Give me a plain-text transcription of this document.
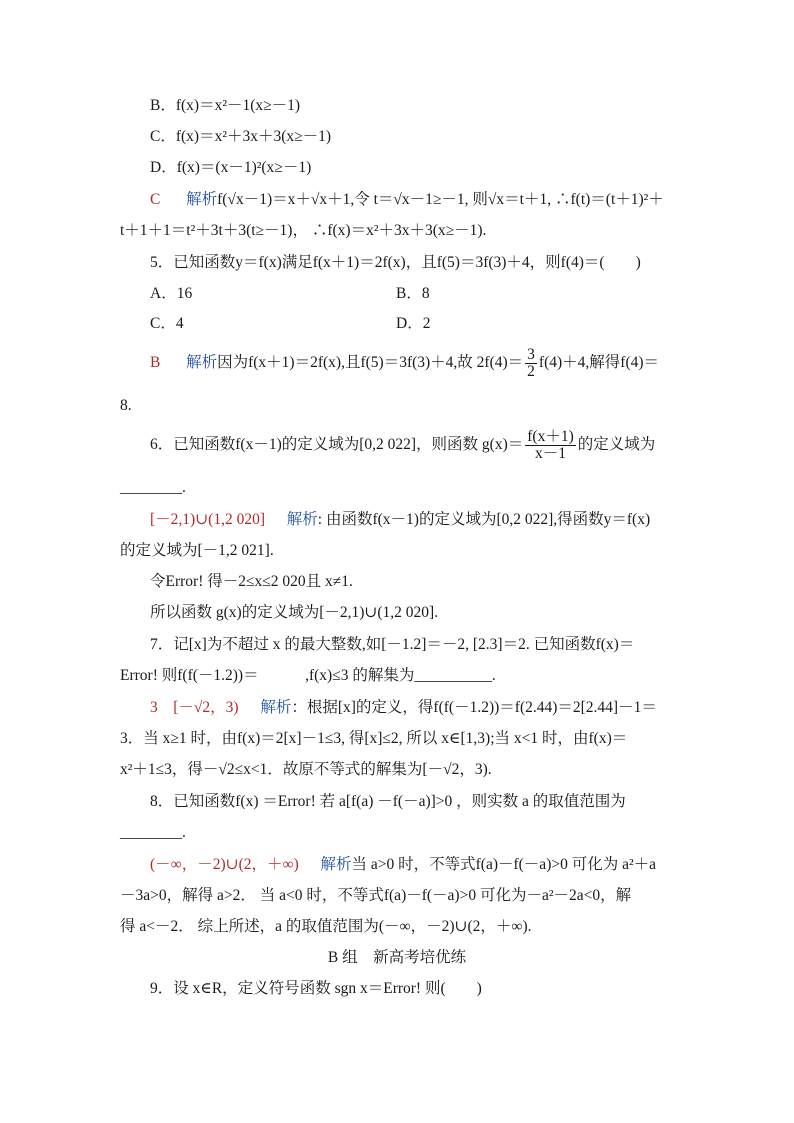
B．f(x)＝x²－1(x≥－1)
C．f(x)＝x²＋3x＋3(x≥－1)
D．f(x)＝(x－1)²(x≥－1)
C 解析f(√x－1)＝x＋√x＋1,令 t＝√x－1≥－1, 则√x＝t＋1, ∴f(t)＝(t＋1)²＋
t＋1＋1＝t²＋3t＋3(t≥－1)， ∴f(x)＝x²＋3x＋3(x≥－1).
5．已知函数y＝f(x)满足f(x＋1)＝2f(x)，且f(5)＝3f(3)＋4，则f(4)＝(　　)
A．16	B．8
C．4	D．2
B 解析因为f(x＋1)＝2f(x),且f(5)＝3f(3)＋4,故 $2f(4)= \frac{3}{2} f(4)+4$,解得f(4)＝
8.
6．已知函数f(x－1)的定义域为[0,2 022]，则函数 $g(x)= \frac{f(x+1)}{x-1}$ 的定义域为
________.
[－2,1)∪(1,2 020] 解析: 由函数f(x－1)的定义域为[0,2 022],得函数y＝f(x)
的定义域为[－1,2 021].
令Error! 得－2≤x≤2 020且 x≠1.
所以函数 g(x)的定义域为[－2,1)∪(1,2 020].
7．记[x]为不超过 x 的最大整数,如[－1.2]＝－2, [2.3]＝2. 已知函数f(x)＝
Error! 则f(f(－1.2))＝　　　,f(x)≤3 的解集为__________.
3　[－√2，3) 解析：根据[x]的定义，得f(f(－1.2))＝f(2.44)＝2[2.44]－1＝
3．当 x≥1 时，由f(x)＝2[x]－1≤3, 得[x]≤2, 所以 x∈[1,3);当 x<1 时，由f(x)＝
x²＋1≤3，得－√2≤x<1．故原不等式的解集为[－√2，3).
8．已知函数f(x) ＝Error! 若 a[f(a) －f(－a)]>0 ，则实数 a 的取值范围为
________.
(－∞，－2)∪(2，＋∞) 解析当 a>0 时，不等式f(a)－f(－a)>0 可化为 a²＋a
－3a>0，解得 a>2． 当 a<0 时，不等式f(a)－f(－a)>0 可化为－a²－2a<0，解
得 a<－2． 综上所述，a 的取值范围为(－∞，－2)∪(2，＋∞).
B 组　新高考培优练
9．设 x∈R，定义符号函数 sgn x＝Error! 则(　　)
